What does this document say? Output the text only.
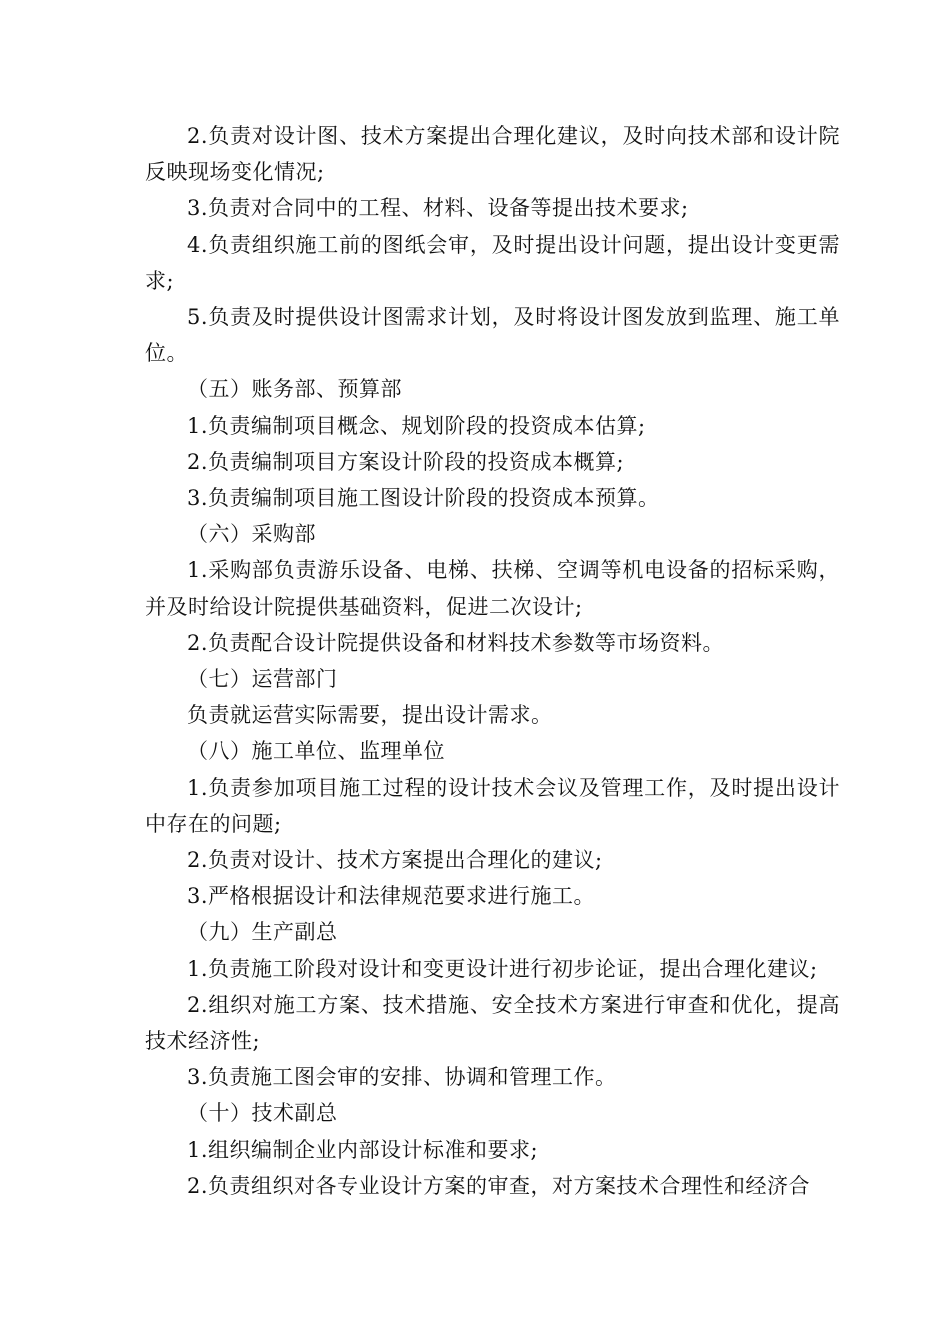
2.负责对设计图、技术方案提出合理化建议，及时向技术部和设计院反映现场变化情况;

3.负责对合同中的工程、材料、设备等提出技术要求;

4.负责组织施工前的图纸会审，及时提出设计问题，提出设计变更需求;

5.负责及时提供设计图需求计划，及时将设计图发放到监理、施工单位。

（五）账务部、预算部

1.负责编制项目概念、规划阶段的投资成本估算;

2.负责编制项目方案设计阶段的投资成本概算;

3.负责编制项目施工图设计阶段的投资成本预算。

（六）采购部

1.采购部负责游乐设备、电梯、扶梯、空调等机电设备的招标采购，并及时给设计院提供基础资料，促进二次设计;

2.负责配合设计院提供设备和材料技术参数等市场资料。

（七）运营部门

负责就运营实际需要，提出设计需求。

（八）施工单位、监理单位

1.负责参加项目施工过程的设计技术会议及管理工作，及时提出设计中存在的问题;

2.负责对设计、技术方案提出合理化的建议;

3.严格根据设计和法律规范要求进行施工。

（九）生产副总

1.负责施工阶段对设计和变更设计进行初步论证，提出合理化建议;

2.组织对施工方案、技术措施、安全技术方案进行审查和优化，提高技术经济性;

3.负责施工图会审的安排、协调和管理工作。

（十）技术副总

1.组织编制企业内部设计标准和要求;

2.负责组织对各专业设计方案的审查，对方案技术合理性和经济合
